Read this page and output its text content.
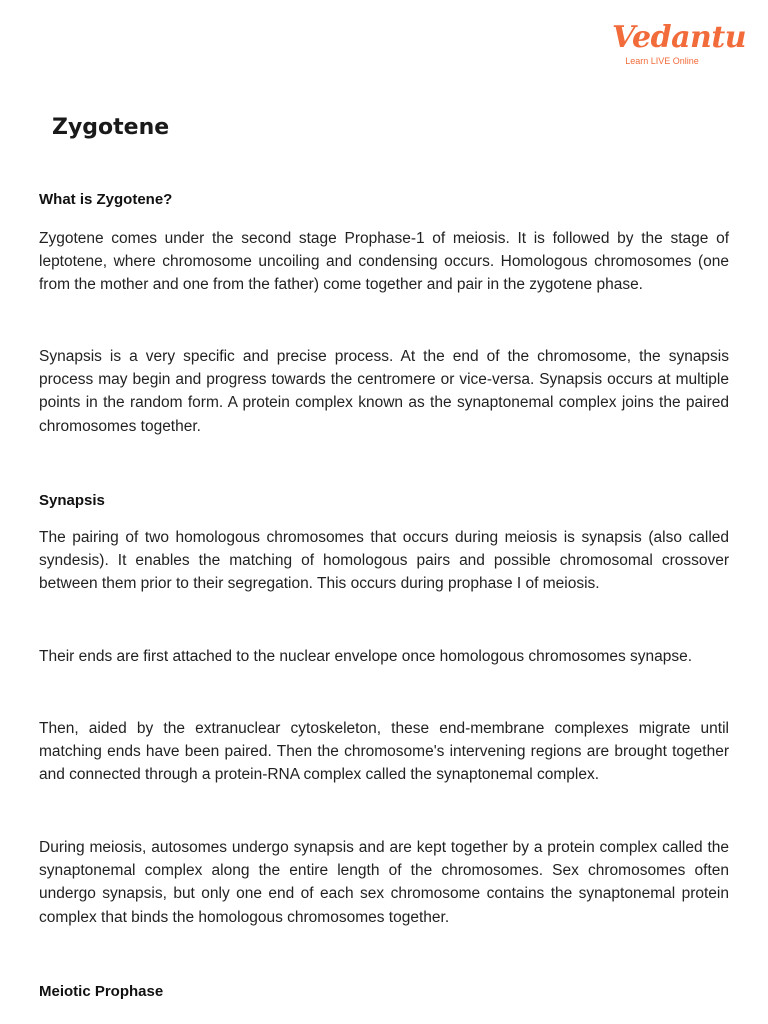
Vedantu
Learn LIVE Online
Zygotene
What is Zygotene?

Zygotene comes under the second stage Prophase-1 of meiosis. It is followed by the stage of leptotene, where chromosome uncoiling and condensing occurs. Homologous chromosomes (one from the mother and one from the father) come together and pair in the zygotene phase.

Synapsis is a very specific and precise process. At the end of the chromosome, the synapsis process may begin and progress towards the centromere or vice-versa. Synapsis occurs at multiple points in the random form. A protein complex known as the synaptonemal complex joins the paired chromosomes together.

Synapsis

The pairing of two homologous chromosomes that occurs during meiosis is synapsis (also called syndesis). It enables the matching of homologous pairs and possible chromosomal crossover between them prior to their segregation. This occurs during prophase I of meiosis.

Their ends are first attached to the nuclear envelope once homologous chromosomes synapse.

Then, aided by the extranuclear cytoskeleton, these end-membrane complexes migrate until matching ends have been paired. Then the chromosome's intervening regions are brought together and connected through a protein-RNA complex called the synaptonemal complex.

During meiosis, autosomes undergo synapsis and are kept together by a protein complex called the synaptonemal complex along the entire length of the chromosomes. Sex chromosomes often undergo synapsis, but only one end of each sex chromosome contains the synaptonemal protein complex that binds the homologous chromosomes together.

Meiotic Prophase
